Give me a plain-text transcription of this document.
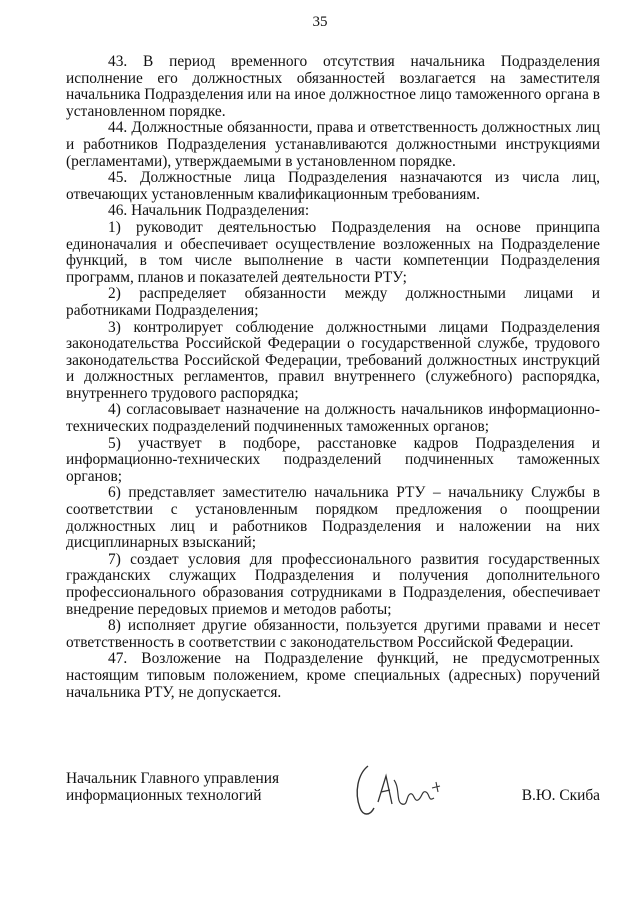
35

43. В период временного отсутствия начальника Подразделения исполнение его должностных обязанностей возлагается на заместителя начальника Подразделения или на иное должностное лицо таможенного органа в установленном порядке.

44. Должностные обязанности, права и ответственность должностных лиц и работников Подразделения устанавливаются должностными инструкциями (регламентами), утверждаемыми в установленном порядке.

45. Должностные лица Подразделения назначаются из числа лиц, отвечающих установленным квалификационным требованиям.

46. Начальник Подразделения:

1) руководит деятельностью Подразделения на основе принципа единоначалия и обеспечивает осуществление возложенных на Подразделение функций, в том числе выполнение в части компетенции Подразделения программ, планов и показателей деятельности РТУ;

2) распределяет обязанности между должностными лицами и работниками Подразделения;

3) контролирует соблюдение должностными лицами Подразделения законодательства Российской Федерации о государственной службе, трудового законодательства Российской Федерации, требований должностных инструкций и должностных регламентов, правил внутреннего (служебного) распорядка, внутреннего трудового распорядка;

4) согласовывает назначение на должность начальников информационно-технических подразделений подчиненных таможенных органов;

5) участвует в подборе, расстановке кадров Подразделения и информационно-технических подразделений подчиненных таможенных органов;

6) представляет заместителю начальника РТУ – начальнику Службы в соответствии с установленным порядком предложения о поощрении должностных лиц и работников Подразделения и наложении на них дисциплинарных взысканий;

7) создает условия для профессионального развития государственных гражданских служащих Подразделения и получения дополнительного профессионального образования сотрудниками в Подразделения, обеспечивает внедрение передовых приемов и методов работы;

8) исполняет другие обязанности, пользуется другими правами и несет ответственность в соответствии с законодательством Российской Федерации.

47. Возложение на Подразделение функций, не предусмотренных настоящим типовым положением, кроме специальных (адресных) поручений начальника РТУ, не допускается.

Начальник Главного управления
информационных технологий	В.Ю. Скиба
